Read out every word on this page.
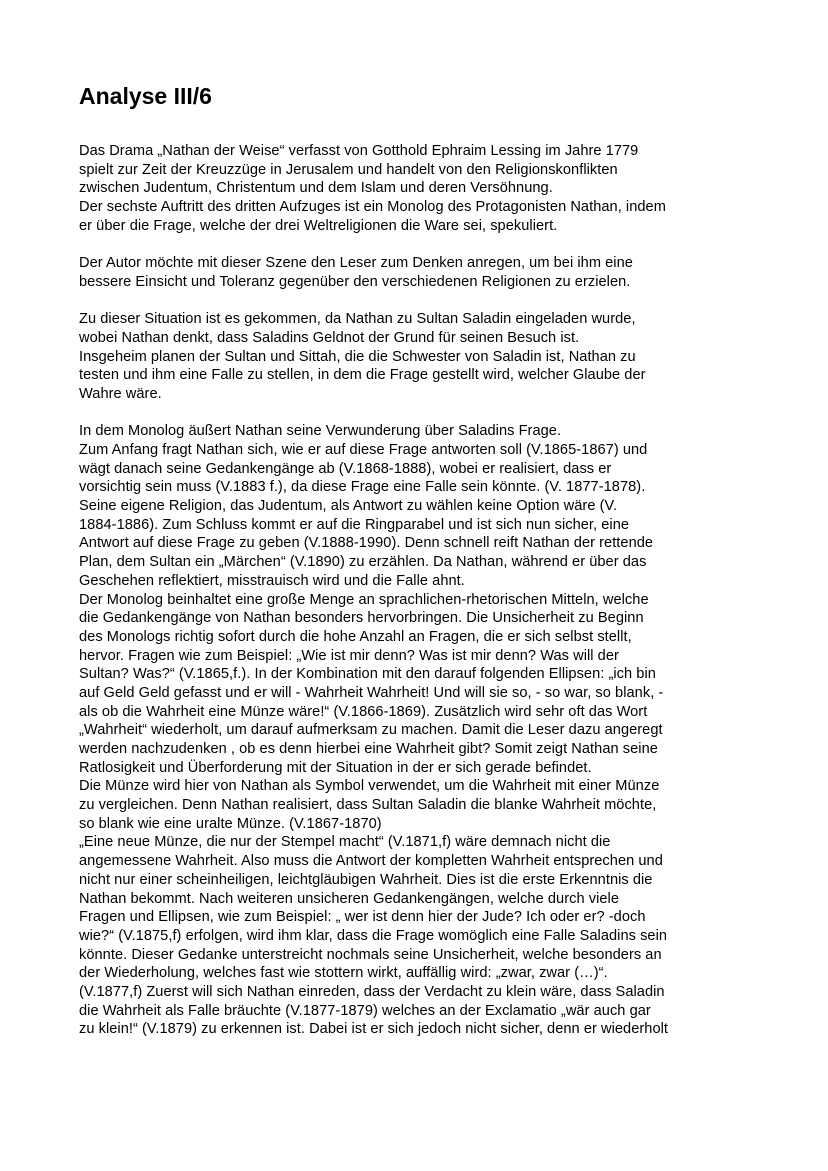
Analyse III/6
Das Drama „Nathan der Weise“ verfasst von Gotthold Ephraim Lessing im Jahre 1779
spielt zur Zeit der Kreuzzüge in Jerusalem und handelt von den Religionskonflikten
zwischen Judentum, Christentum und dem Islam und deren Versöhnung.
Der sechste Auftritt des dritten Aufzuges ist ein Monolog des Protagonisten Nathan, indem
er über die Frage, welche der drei Weltreligionen die Ware sei, spekuliert.
Der Autor möchte mit dieser Szene den Leser zum Denken anregen, um bei ihm eine
bessere Einsicht und Toleranz gegenüber den verschiedenen Religionen zu erzielen.
Zu dieser Situation ist es gekommen, da Nathan zu Sultan Saladin eingeladen wurde,
wobei Nathan denkt, dass Saladins Geldnot der Grund für seinen Besuch ist.
Insgeheim planen der Sultan und Sittah, die die Schwester von Saladin ist, Nathan zu
testen und ihm eine Falle zu stellen, in dem die Frage gestellt wird, welcher Glaube der
Wahre wäre.
In dem Monolog äußert Nathan seine Verwunderung über Saladins Frage.
Zum Anfang fragt Nathan sich, wie er auf diese Frage antworten soll (V.1865-1867) und
wägt danach seine Gedankengänge ab (V.1868-1888), wobei er realisiert, dass er
vorsichtig sein muss (V.1883 f.), da diese Frage eine Falle sein könnte. (V. 1877-1878).
Seine eigene Religion, das Judentum, als Antwort zu wählen keine Option wäre (V.
1884-1886). Zum Schluss kommt er auf die Ringparabel und ist sich nun sicher, eine
Antwort auf diese Frage zu geben (V.1888-1990). Denn schnell reift Nathan der rettende
Plan, dem Sultan ein „Märchen“ (V.1890) zu erzählen. Da Nathan, während er über das
Geschehen reflektiert, misstrauisch wird und die Falle ahnt.
Der Monolog beinhaltet eine große Menge an sprachlichen-rhetorischen Mitteln, welche
die Gedankengänge von Nathan besonders hervorbringen. Die Unsicherheit zu Beginn
des Monologs richtig sofort durch die hohe Anzahl an Fragen, die er sich selbst stellt,
hervor. Fragen wie zum Beispiel: „Wie ist mir denn? Was ist mir denn? Was will der
Sultan? Was?“ (V.1865,f.). In der Kombination mit den darauf folgenden Ellipsen: „ich bin
auf Geld Geld gefasst und er will - Wahrheit Wahrheit! Und will sie so, - so war, so blank, -
als ob die Wahrheit eine Münze wäre!“ (V.1866-1869). Zusätzlich wird sehr oft das Wort
„Wahrheit“ wiederholt, um darauf aufmerksam zu machen. Damit die Leser dazu angeregt
werden nachzudenken , ob es denn hierbei eine Wahrheit gibt? Somit zeigt Nathan seine
Ratlosigkeit und Überforderung mit der Situation in der er sich gerade befindet.
Die Münze wird hier von Nathan als Symbol verwendet, um die Wahrheit mit einer Münze
zu vergleichen. Denn Nathan realisiert, dass Sultan Saladin die blanke Wahrheit möchte,
so blank wie eine uralte Münze. (V.1867-1870)
„Eine neue Münze, die nur der Stempel macht“ (V.1871,f) wäre demnach nicht die
angemessene Wahrheit. Also muss die Antwort der kompletten Wahrheit entsprechen und
nicht nur einer scheinheiligen, leichtgläubigen Wahrheit. Dies ist die erste Erkenntnis die
Nathan bekommt. Nach weiteren unsicheren Gedankengängen, welche durch viele
Fragen und Ellipsen, wie zum Beispiel: „ wer ist denn hier der Jude? Ich oder er? -doch
wie?“ (V.1875,f) erfolgen, wird ihm klar, dass die Frage womöglich eine Falle Saladins sein
könnte. Dieser Gedanke unterstreicht nochmals seine Unsicherheit, welche besonders an
der Wiederholung, welches fast wie stottern wirkt, auffällig wird: „zwar, zwar (…)“.
(V.1877,f) Zuerst will sich Nathan einreden, dass der Verdacht zu klein wäre, dass Saladin
die Wahrheit als Falle bräuchte (V.1877-1879) welches an der Exclamatio „wär auch gar
zu klein!“ (V.1879) zu erkennen ist. Dabei ist er sich jedoch nicht sicher, denn er wiederholt
